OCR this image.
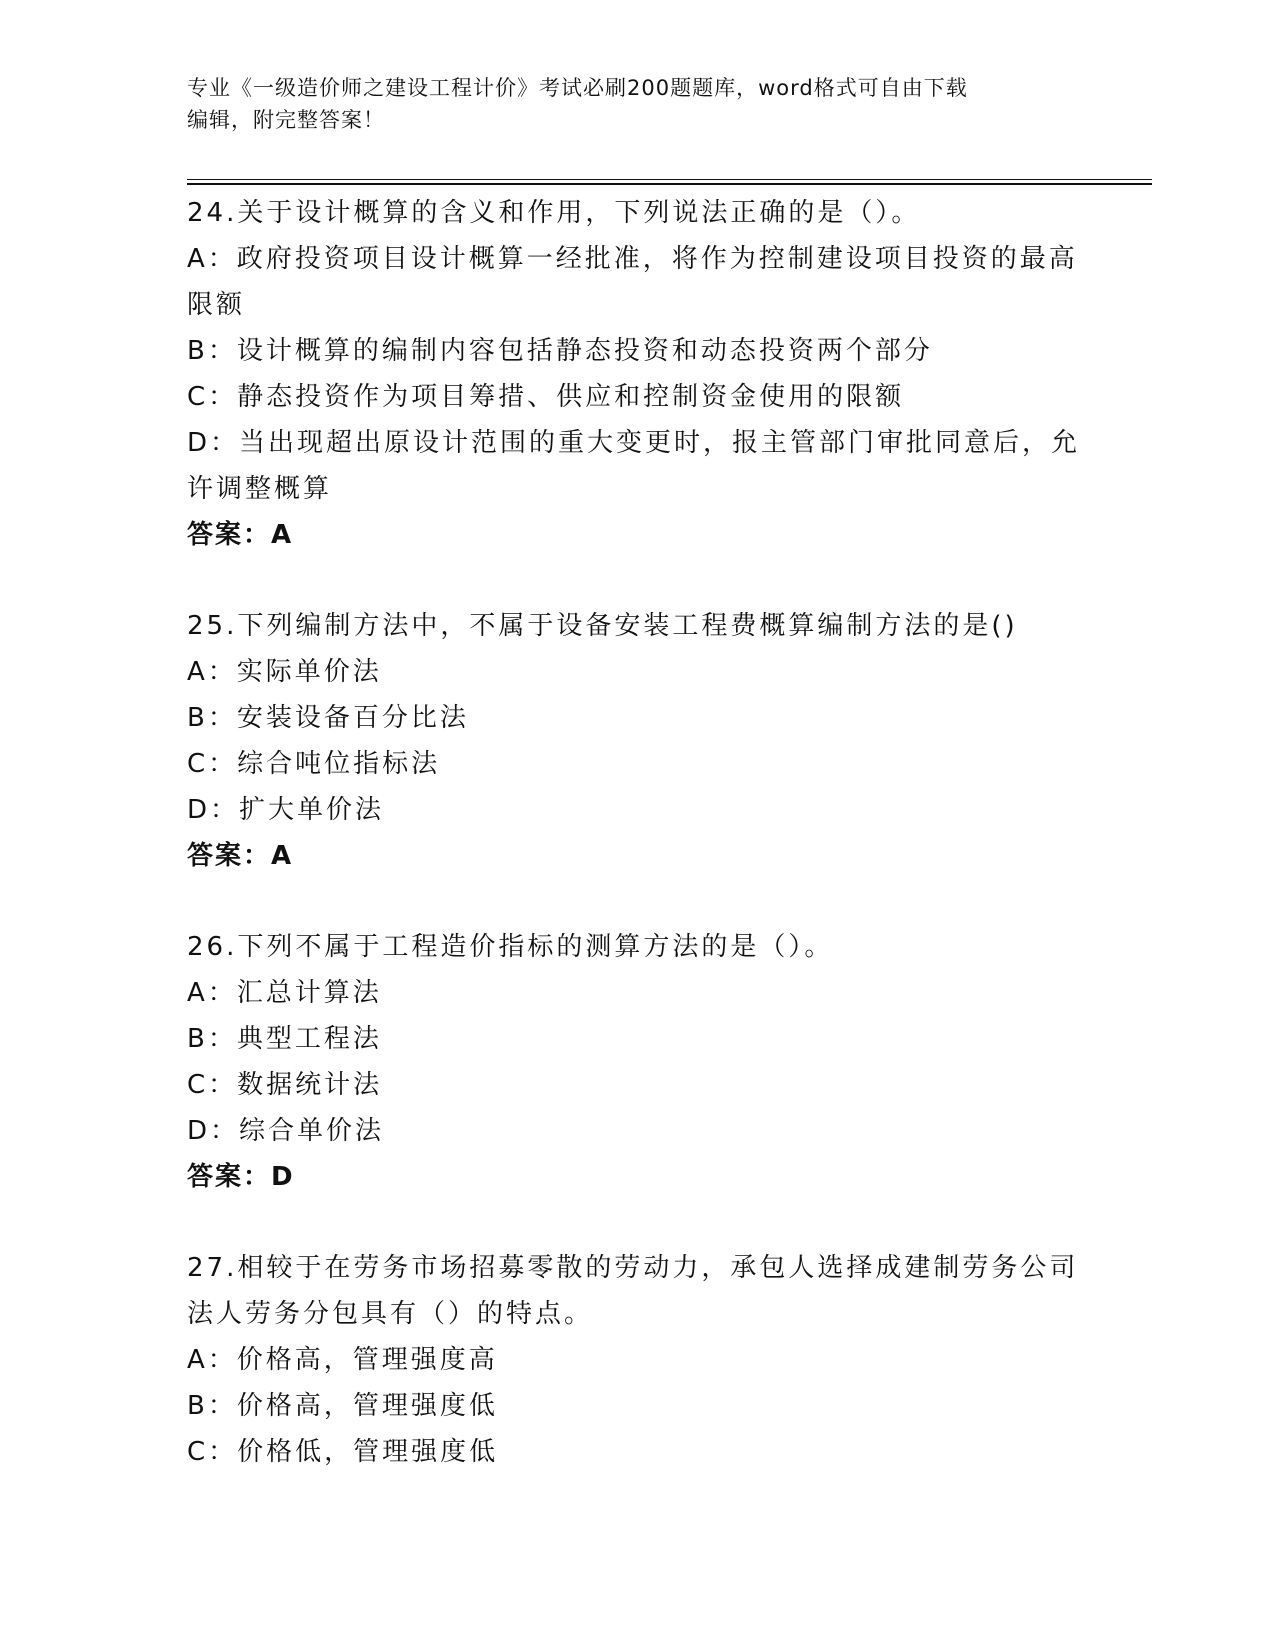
专业《一级造价师之建设工程计价》考试必刷200题题库，word格式可自由下载
编辑，附完整答案！
24.关于设计概算的含义和作用，下列说法正确的是（）。
A：政府投资项目设计概算一经批准，将作为控制建设项目投资的最高
限额
B：设计概算的编制内容包括静态投资和动态投资两个部分
C：静态投资作为项目筹措、供应和控制资金使用的限额
D：当出现超出原设计范围的重大变更时，报主管部门审批同意后，允
许调整概算
答案：A
25.下列编制方法中，不属于设备安装工程费概算编制方法的是()
A：实际单价法
B：安装设备百分比法
C：综合吨位指标法
D：扩大单价法
答案：A
26.下列不属于工程造价指标的测算方法的是（）。
A：汇总计算法
B：典型工程法
C：数据统计法
D：综合单价法
答案：D
27.相较于在劳务市场招募零散的劳动力，承包人选择成建制劳务公司
法人劳务分包具有（）的特点。
A：价格高，管理强度高
B：价格高，管理强度低
C：价格低，管理强度低
